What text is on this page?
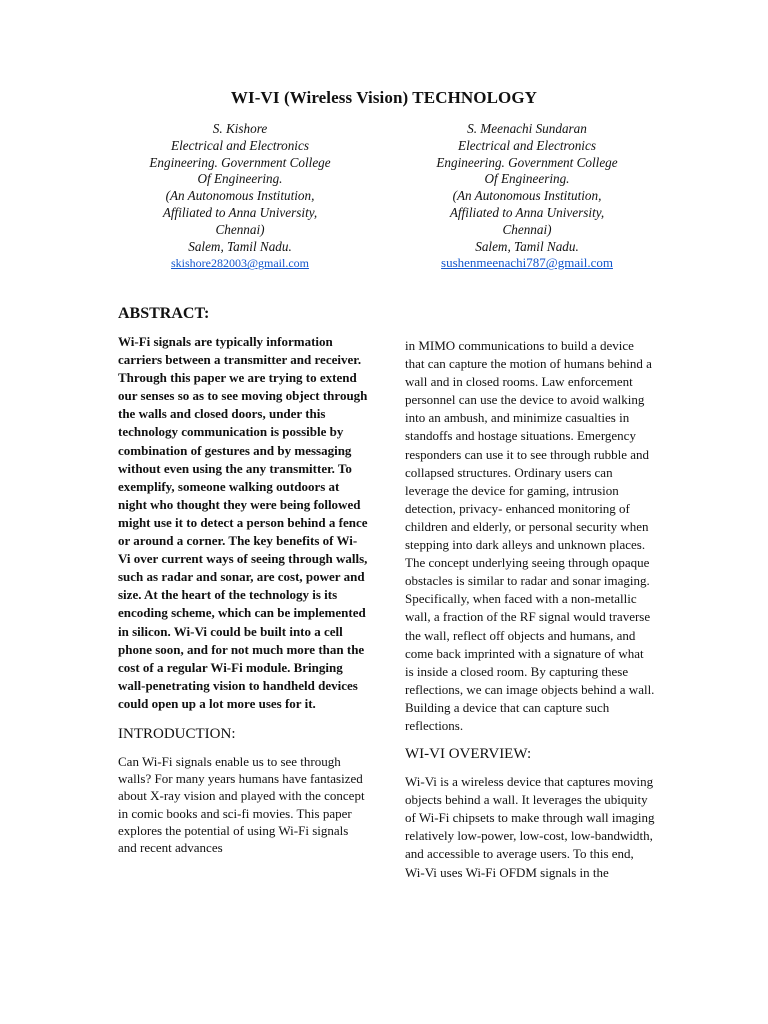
WI-VI (Wireless Vision) TECHNOLOGY
S. Kishore
Electrical and Electronics
Engineering. Government College
Of Engineering.
(An Autonomous Institution,
Affiliated to Anna University,
Chennai)
Salem, Tamil Nadu.
skishore282003@gmail.com
S. Meenachi Sundaran
Electrical and Electronics
Engineering. Government College
Of Engineering.
(An Autonomous Institution,
Affiliated to Anna University,
Chennai)
Salem, Tamil Nadu.
sushenmeenachi787@gmail.com
ABSTRACT:

Wi-Fi signals are typically information carriers between a transmitter and receiver. Through this paper we are trying to extend our senses so as to see moving object through the walls and closed doors, under this technology communication is possible by combination of gestures and by messaging without even using the any transmitter. To exemplify, someone walking outdoors at night who thought they were being followed might use it to detect a person behind a fence or around a corner. The key benefits of Wi-Vi over current ways of seeing through walls, such as radar and sonar, are cost, power and size. At the heart of the technology is its encoding scheme, which can be implemented in silicon. Wi-Vi could be built into a cell phone soon, and for not much more than the cost of a regular Wi-Fi module. Bringing wall-penetrating vision to handheld devices could open up a lot more uses for it.

INTRODUCTION:

Can Wi-Fi signals enable us to see through walls? For many years humans have fantasized about X-ray vision and played with the concept in comic books and sci-fi movies. This paper explores the potential of using Wi-Fi signals and recent advances

in MIMO communications to build a device that can capture the motion of humans behind a wall and in closed rooms. Law enforcement personnel can use the device to avoid walking into an ambush, and minimize casualties in standoffs and hostage situations. Emergency responders can use it to see through rubble and collapsed structures. Ordinary users can leverage the device for gaming, intrusion detection, privacy- enhanced monitoring of children and elderly, or personal security when stepping into dark alleys and unknown places. The concept underlying seeing through opaque obstacles is similar to radar and sonar imaging. Specifically, when faced with a non-metallic wall, a fraction of the RF signal would traverse the wall, reflect off objects and humans, and come back imprinted with a signature of what is inside a closed room. By capturing these reflections, we can image objects behind a wall. Building a device that can capture such reflections.

WI-VI OVERVIEW:

Wi-Vi is a wireless device that captures moving objects behind a wall. It leverages the ubiquity of Wi-Fi chipsets to make through wall imaging relatively low-power, low-cost, low-bandwidth, and accessible to average users. To this end, Wi-Vi uses Wi-Fi OFDM signals in the
